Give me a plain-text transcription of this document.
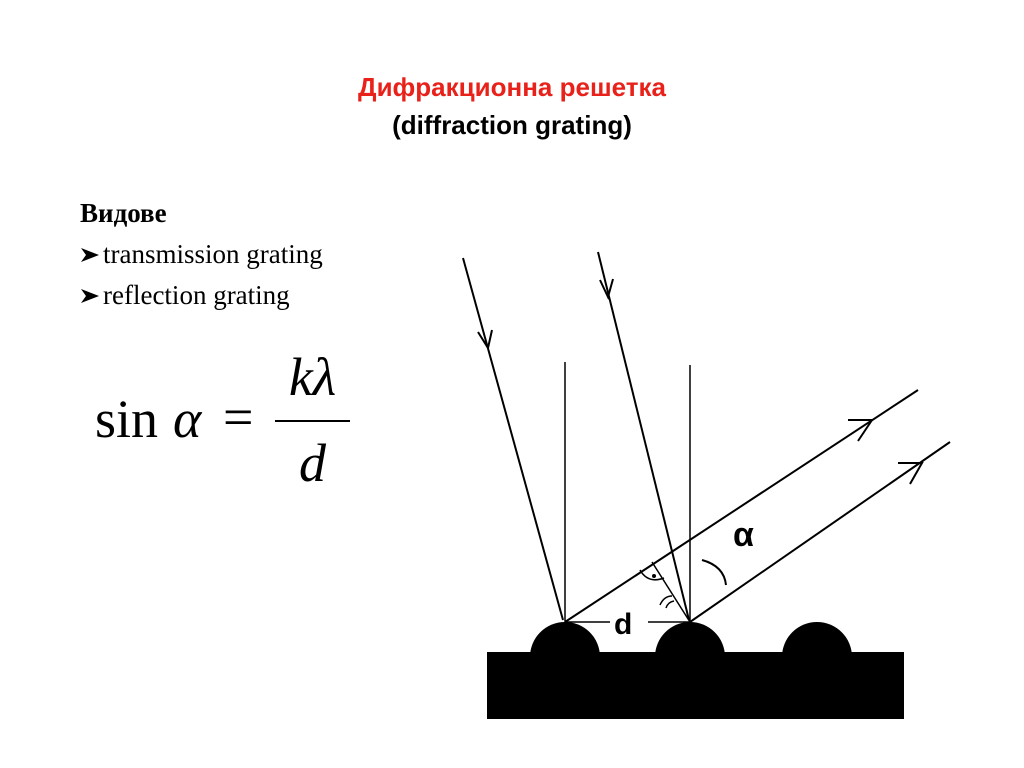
Дифракционна решетка
(diffraction grating)
Видове
transmission grating
reflection grating
sin α =
kλ
d
α
d
